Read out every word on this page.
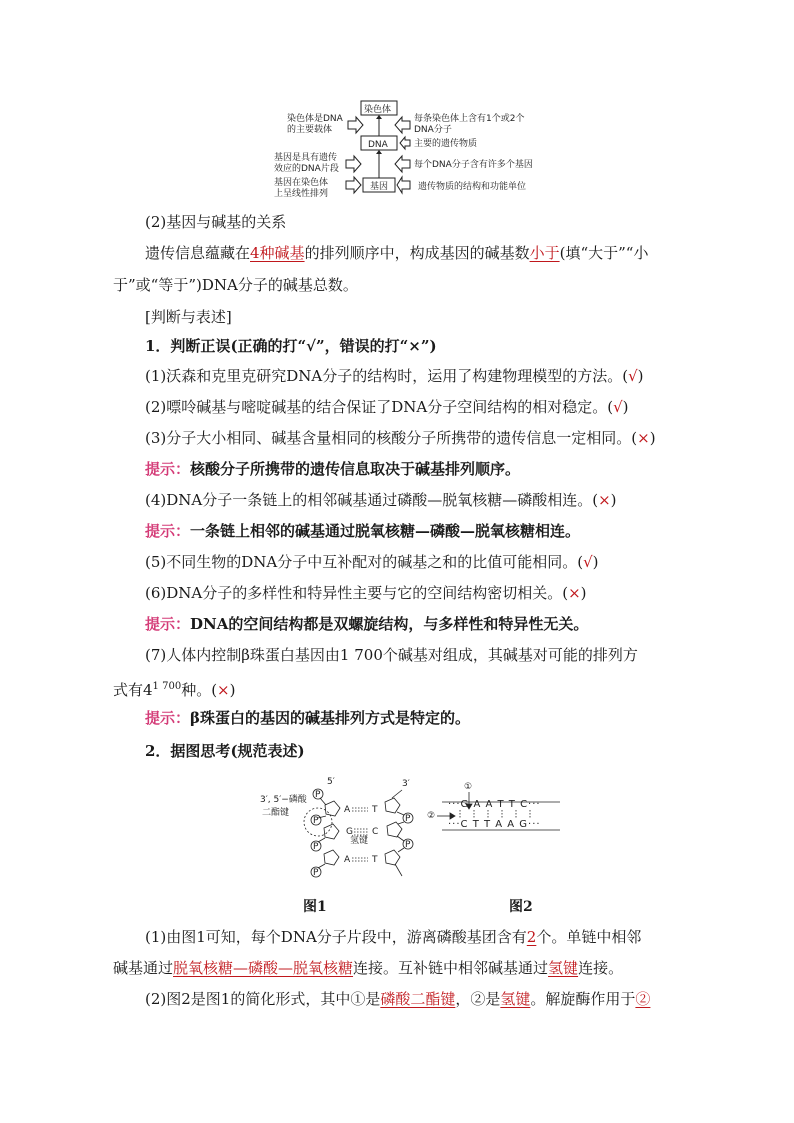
染色体
DNA
基因
染色体是DNA
的主要载体
基因是具有遗传
效应的DNA片段
基因在染色体
上呈线性排列
每条染色体上含有1个或2个
DNA分子
主要的遗传物质
每个DNA分子含有许多个基因
遗传物质的结构和功能单位
(2)基因与碱基的关系
遗传信息蕴藏在4种碱基的排列顺序中，构成基因的碱基数小于(填“大于”“小
于”或“等于”)DNA分子的碱基总数。
[判断与表述]
1．判断正误(正确的打“√”，错误的打“×”)
(1)沃森和克里克研究DNA分子的结构时，运用了构建物理模型的方法。(√)
(2)嘌呤碱基与嘧啶碱基的结合保证了DNA分子空间结构的相对稳定。(√)
(3)分子大小相同、碱基含量相同的核酸分子所携带的遗传信息一定相同。(×)
提示：核酸分子所携带的遗传信息取决于碱基排列顺序。
(4)DNA分子一条链上的相邻碱基通过磷酸—脱氧核糖—磷酸相连。(×)
提示：一条链上相邻的碱基通过脱氧核糖—磷酸—脱氧核糖相连。
(5)不同生物的DNA分子中互补配对的碱基之和的比值可能相同。(√)
(6)DNA分子的多样性和特异性主要与它的空间结构密切相关。(×)
提示：DNA的空间结构都是双螺旋结构，与多样性和特异性无关。
(7)人体内控制β珠蛋白基因由1 700个碱基对组成，其碱基对可能的排列方
式有$4^{1 700}$种。(×)
提示：β珠蛋白的基因的碱基排列方式是特定的。
2．据图思考(规范表述)
5′	3′
3′, 5′−磷酸
二酯键
氢键
P
A
P
G
P
A
P
T
C
T
P
P
①
②
···G A A T T C···
···C T T A A G···
图1	图2
(1)由图1可知，每个DNA分子片段中，游离磷酸基团含有2个。单链中相邻
碱基通过脱氧核糖—磷酸—脱氧核糖连接。互补链中相邻碱基通过氢键连接。
(2)图2是图1的简化形式，其中①是磷酸二酯键，②是氢键。解旋酶作用于②
